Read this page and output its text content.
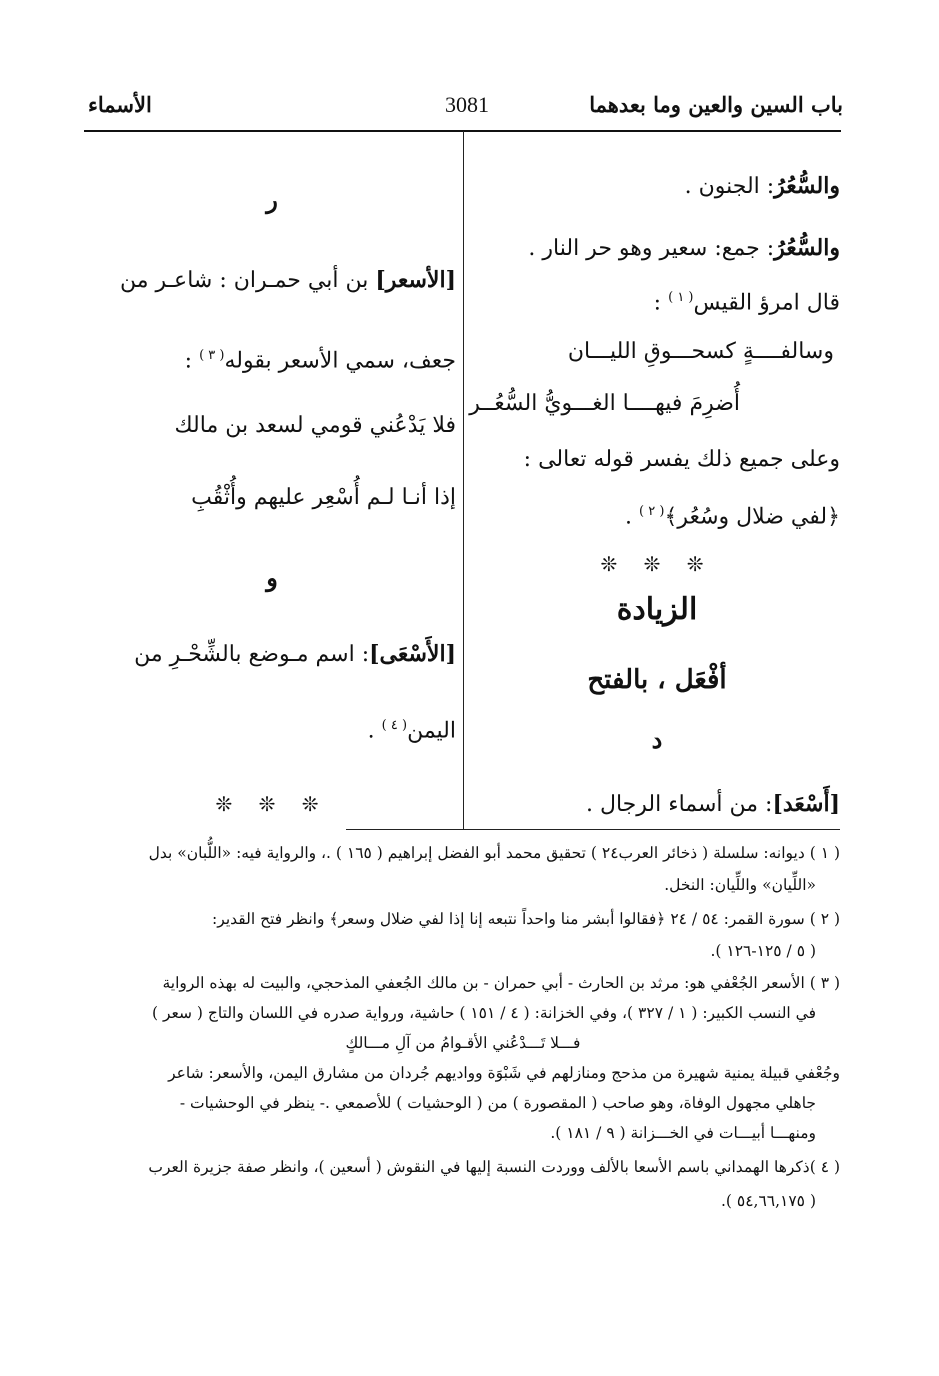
باب السين والعين وما بعدهما
3081
الأسماء
والسُّعُرُ: الجنون .
والسُّعُرُ: جمع: سعير وهو حر النار .
قال امرؤ القيس$^{( ١ )}$ :
وسالفــــةٍ كسحـــوقِ الليـــان
أُضرِمَ فيهــــا الغـــويُّ السُّعُــر
وعلى جميع ذلك يفسر قوله تعالى :
﴿لفي ضلال وسُعُر﴾$^{( ٢ )}$ .
❊ ❊ ❊
الزيادة
أفْعَل ، بالفتح
د
[أَسْعَد]: من أسماء الرجال .
ر
[الأسعر] بن أبي حمـران : شاعـر من
جعف، سمي الأسعر بقوله$^{( ٣ )}$ :
فلا يَدْعُني قومي لسعد بن مالك
إذا أنـا لـم أُسْعِر عليهم وأُثْقُبِ
و
[الأَسْعَى]: اسم مـوضع بالشِّحْـرِ من
اليمن$^{( ٤ )}$ .
❊ ❊ ❊
( ١ ) ديوانه: سلسلة ( ذخائر العرب٢٤ ) تحقيق محمد أبو الفضل إبراهيم ( ١٦٥ ) .، والرواية فيه: «اللُّبان» بدل
«اللِّيان» واللِّيان: النخل.
( ٢ ) سورة القمر: ٥٤ / ٢٤ ﴿فقالوا أبشر منا واحداً نتبعه إنا إذا لفي ضلال وسعر﴾ وانظر فتح القدير:
( ٥ / ١٢٥-١٢٦ ).
( ٣ ) الأسعر الجُعْفي هو: مرثد بن الحارث - أبي حمران - بن مالك الجُعفي المذحجي، والبيت له بهذه الرواية
في النسب الكبير: ( ١ / ٣٢٧ )، وفي الخزانة: ( ٤ / ١٥١ ) حاشية، ورواية صدره في اللسان والتاج ( سعر )
فـــلا تَـــدْعُني الأقـوامُ من آلِ مـــالكٍ
وجُعْفي قبيلة يمنية شهيرة من مذحج ومنازلهم في شَبْوَة ووادیهم جُردان من مشارق اليمن، والأسعر: شاعر
جاهلي مجهول الوفاة، وهو صاحب ( المقصورة ) من ( الوحشيات ) للأصمعي .- ينظر في الوحشيات -
ومنهـــا أبيـــات في الخـــزانة ( ٩ / ١٨١ ).
( ٤ )ذكرها الهمداني باسم الأسعا بالألف ووردت النسبة إليها في النقوش ( أسعين )، وانظر صفة جزيرة العرب
( ٥٤,٦٦,١٧٥ ).
